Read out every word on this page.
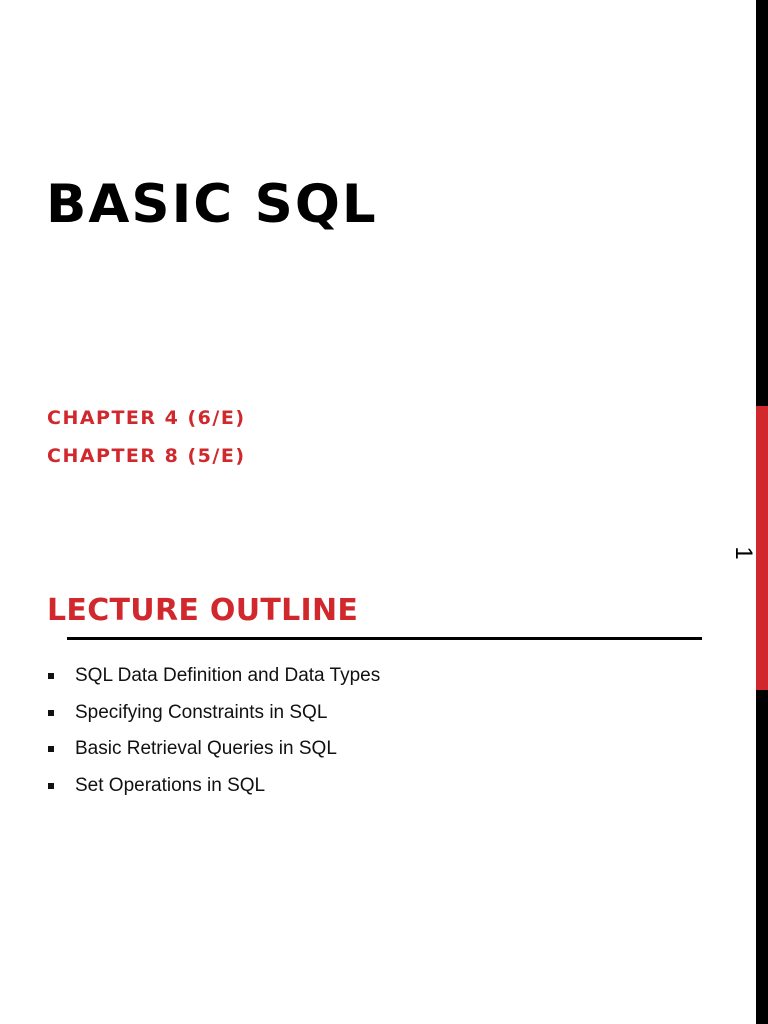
BASIC SQL
CHAPTER 4 (6/E)
CHAPTER 8 (5/E)
1
LECTURE OUTLINE
SQL Data Definition and Data Types
Specifying Constraints in SQL
Basic Retrieval Queries in SQL
Set Operations in SQL
